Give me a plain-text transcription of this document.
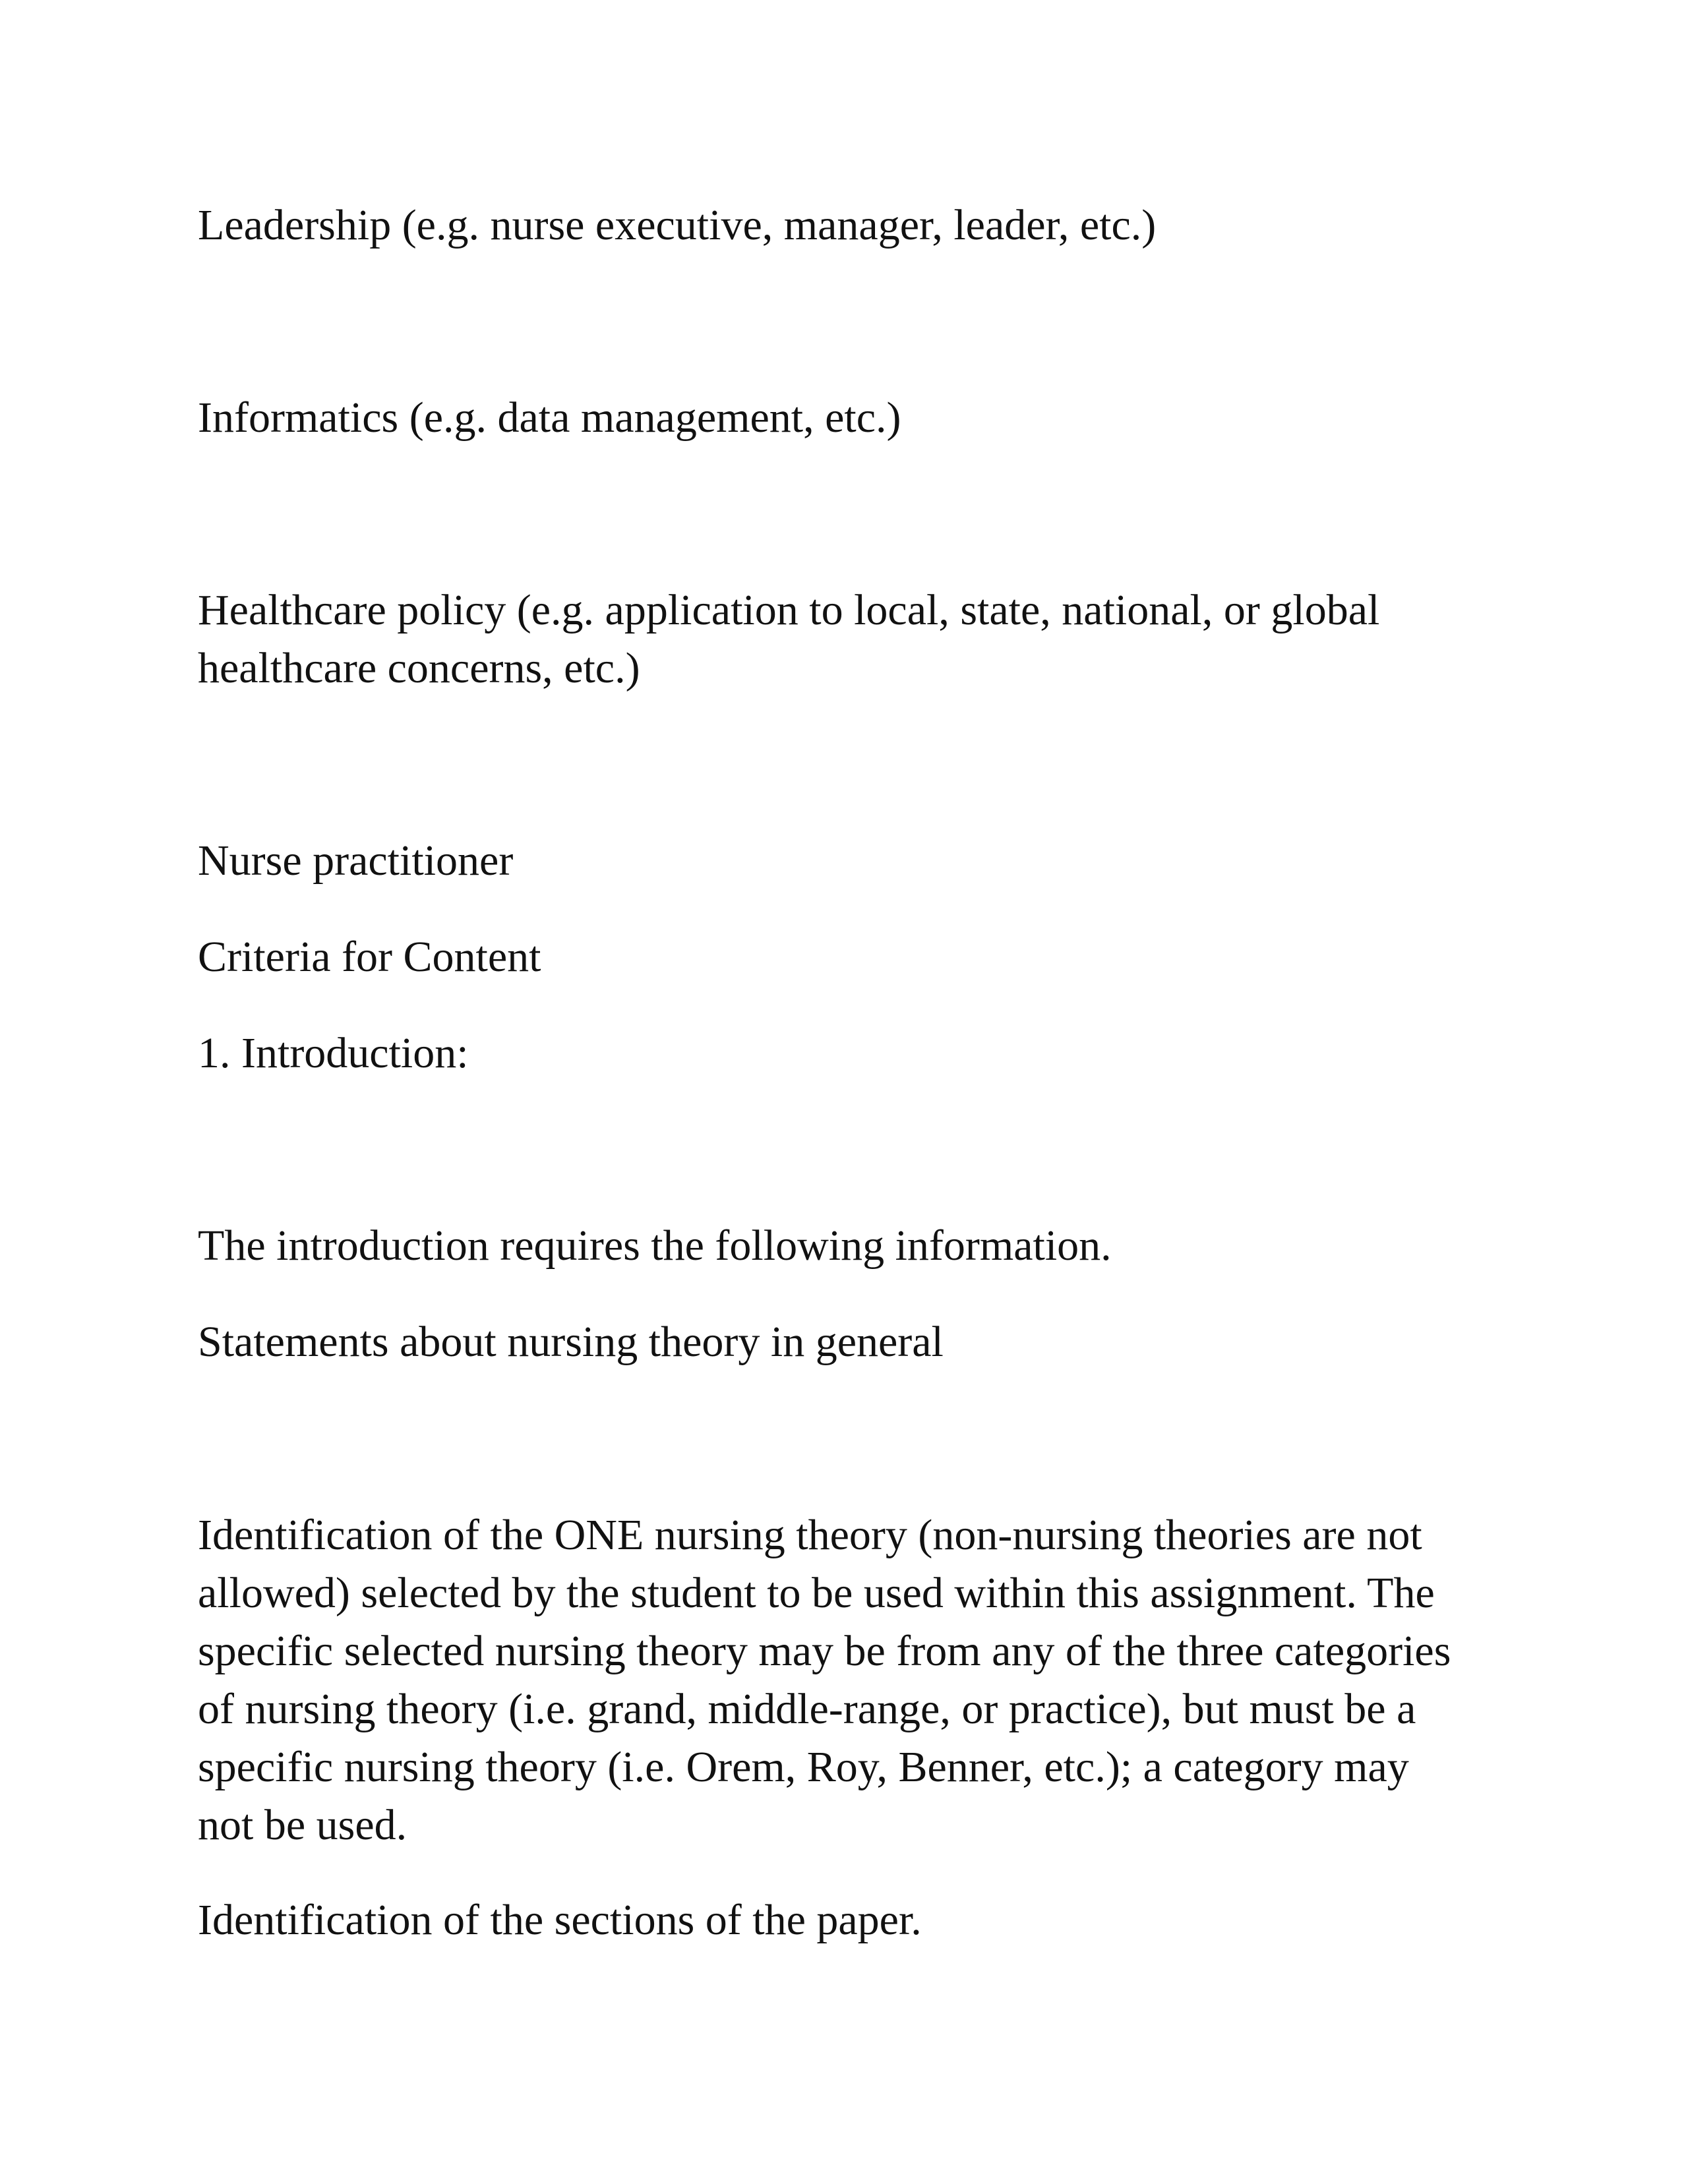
Leadership (e.g. nurse executive, manager, leader, etc.)

Informatics (e.g. data management, etc.)

Healthcare policy (e.g. application to local, state, national, or global
healthcare concerns, etc.)

Nurse practitioner

Criteria for Content

1. Introduction:

The introduction requires the following information.

Statements about nursing theory in general

Identification of the ONE nursing theory (non-nursing theories are not
allowed) selected by the student to be used within this assignment. The
specific selected nursing theory may be from any of the three categories
of nursing theory (i.e. grand, middle-range, or practice), but must be a
specific nursing theory (i.e. Orem, Roy, Benner, etc.); a category may
not be used.

Identification of the sections of the paper.
